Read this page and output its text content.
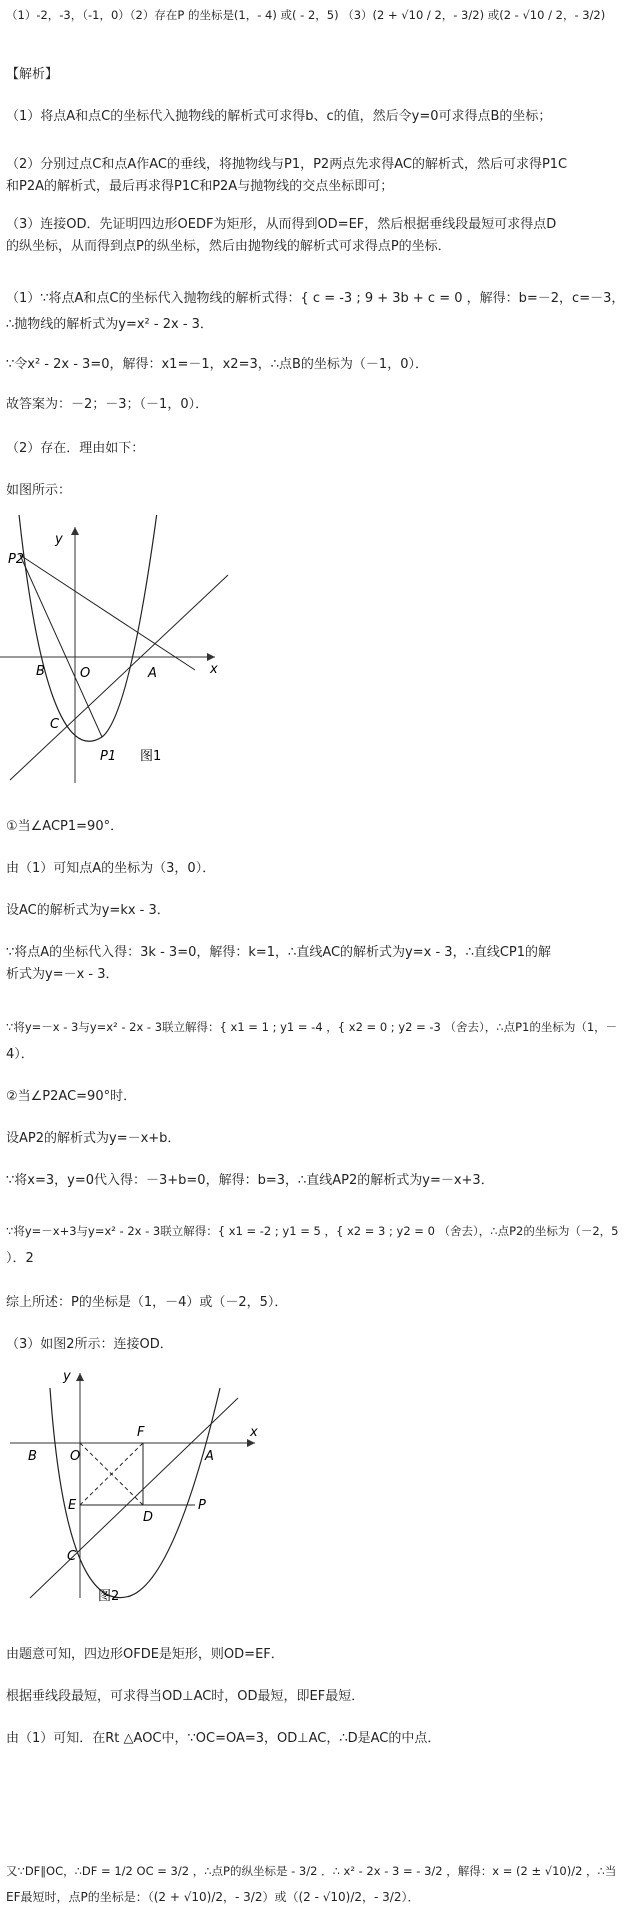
（1）-2，-3，（-1，0）（2）存在P 的坐标是(1，- 4) 或( - 2，5) （3）(2 + √10 / 2，- 3/2) 或(2 - √10 / 2，- 3/2)
【解析】
（1）将点A和点C的坐标代入抛物线的解析式可求得b、c的值，然后令y=0可求得点B的坐标；
（2）分别过点C和点A作AC的垂线，将抛物线与P1，P2两点先求得AC的解析式，然后可求得P1C
和P2A的解析式，最后再求得P1C和P2A与抛物线的交点坐标即可；
（3）连接OD．先证明四边形OEDF为矩形，从而得到OD=EF，然后根据垂线段最短可求得点D
的纵坐标，从而得到点P的纵坐标，然后由抛物线的解析式可求得点P的坐标．
（1）∵将点A和点C的坐标代入抛物线的解析式得：{ c = -3 ; 9 + 3b + c = 0 ，解得：b=－2，c=－3，
∴抛物线的解析式为y=x² - 2x - 3．
∵令x² - 2x - 3=0，解得：x1=－1，x2=3，∴点B的坐标为（－1，0）．
故答案为：－2；－3；（－1，0）．
（2）存在．理由如下：
如图所示：
y
x
P2
B	O	A
C
P1 图1
①当∠ACP1=90°．
由（1）可知点A的坐标为（3，0）．
设AC的解析式为y=kx - 3．
∵将点A的坐标代入得：3k - 3=0，解得：k=1，∴直线AC的解析式为y=x - 3，∴直线CP1的解
析式为y=－x - 3．
∵将y=－x - 3与y=x² - 2x - 3联立解得：{ x1 = 1 ; y1 = -4 ，{ x2 = 0 ; y2 = -3 （舍去），∴点P1的坐标为（1，－
4）．
②当∠P2AC=90°时．
设AP2的解析式为y=－x+b．
∵将x=3，y=0代入得：－3+b=0，解得：b=3，∴直线AP2的解析式为y=－x+3．
∵将y=－x+3与y=x² - 2x - 3联立解得：{ x1 = -2 ; y1 = 5 ，{ x2 = 3 ; y2 = 0 （舍去），∴点P2的坐标为（－2，5
）．2
综上所述：P的坐标是（1，－4）或（－2，5）．
（3）如图2所示：连接OD．
y
x
B	O
F
A
E
D
P
C
图2
由题意可知，四边形OFDE是矩形，则OD=EF．
根据垂线段最短，可求得当OD⊥AC时，OD最短，即EF最短．
由（1）可知．在Rt △AOC中，∵OC=OA=3，OD⊥AC，∴D是AC的中点．
又∵DF∥OC，∴DF = 1/2 OC = 3/2 ，∴点P的纵坐标是 - 3/2 ．∴ x² - 2x - 3 = - 3/2 ，解得：x = (2 ± √10)/2 ，∴当
EF最短时，点P的坐标是：（(2 + √10)/2，- 3/2）或（(2 - √10)/2，- 3/2）．
